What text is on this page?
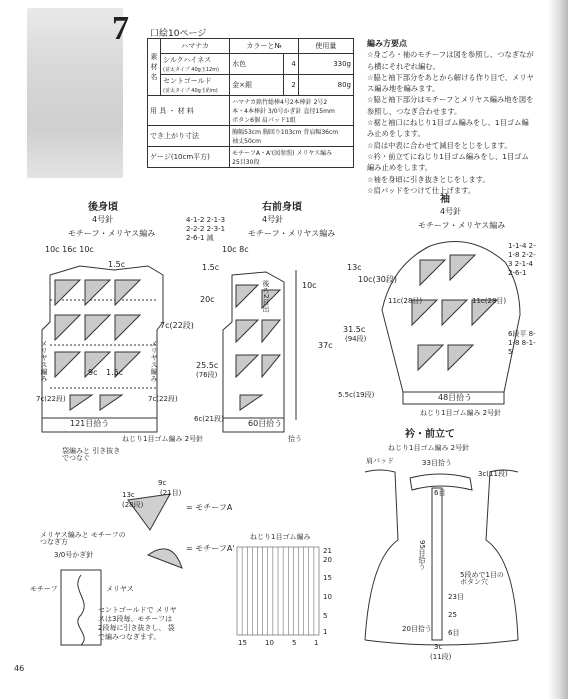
7 口絵10ページ
素材名	ハマナカ	カラーと№		使用量
	シルクハイネス
(並太タイプ 40g玉12m)	水色	4	330g
	セントゴールド
(並太タイプ 40g玉約m)	金×銀	2	80g
用 具 ・ 材 料		ハマナカ銘竹総棒4号2本棒針 2号2
本・4本棒針 3/0号かぎ針 直径15mm
ボタン6個 肩パッド1組		
でき上がり寸法		胸幅53cm 胸回り103cm 背肩幅36cm
袖丈50cm		
ゲージ(10cm平方)		モチーフA・A'(図参照) メリヤス編み
25目30段		
編み方要点
☆身ごろ・袖のモチーフは図を参照し、つなぎなが
ら横にそれぞれ編む。
☆脇と袖下部分をあとから解ける作り目で、メリヤ
ス編み地を編みます。
☆脇と袖下部分はモチーフとメリヤス編み地を図を
参照し、つなぎ合わせます。
☆裾と袖口にねじり1目ゴム編みをし、1目ゴム編
み止めをします。
☆肩は中表に合わせて減目をとじをします。
☆衿・前立てにねじり1目ゴム編みをし、1目ゴム
編み止めをします。
☆袖を身頃に引き抜きとじをします。
☆肩パッドをつけて仕上げます。
後身頃
4号針
モチーフ・メリヤス編み
10c 16c 10c
1.5c
7c(22段)
9c 1.5c
メリヤス編み	メリヤス編み
121目拾う
7c(22段)	7c(22段)
ねじり1目ゴム編み 2号針
袋編みと 引き抜きでつなぐ
右前身頃
4号針
モチーフ・メリヤス編み
4-1-2 2-1-3 2-2-2 2-3-1 2-6-1 減
10c 8c
1.5c
20c
25.5c
(76段)
6c(21段)
10c
37c
後ろ2目出
60目拾う
拾う
袖
4号針
モチーフ・メリヤス編み
1-1-4 2-1-8 2-2-3 2-1-4 2-6-1
10c(30段)
13c
31.5c
(94段)
11c(28目)	11c(28目)
6段平 8-1-8 8-1-5
5.5c(19段)	48目拾う
ねじり1目ゴム編み 2号針
衿・前立て
ねじり1目ゴム編み 2号針
肩パッド	33目拾う
3c(11段)
6目
95目拾う
5段めで1目の ボタン穴
23目
25
20目拾う 6目
3c
(11段)
9c
(21目)
13c
(28段)	= モチーフA
= モチーフA'
メリヤス編みと モチーフのつなぎ方
3/0号かぎ針
モチーフ	メリヤス
セントゴールドで メリヤスは3段毎、モチーフは 2段毎に引き抜きし、 袋で編みつなぎます。
ねじり1目ゴム編み
21
20
15
10
5
1
15	10	5	1
46
